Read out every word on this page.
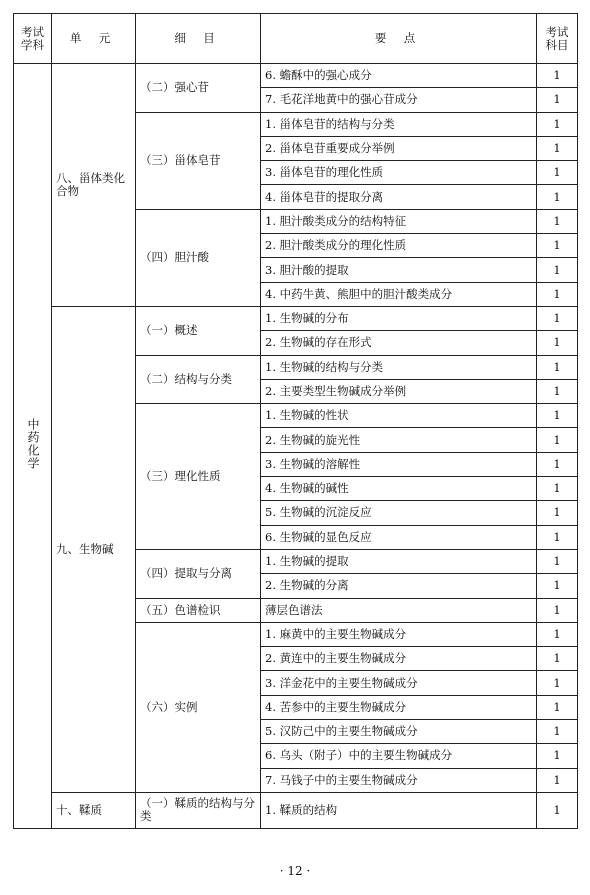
考试学科	单 元	细 目	要 点	考试科目
中药化学	八、甾体类化合物	（二）强心苷	6. 蟾酥中的强心成分	1
			7. 毛花洋地黄中的强心苷成分	1
		（三）甾体皂苷	1. 甾体皂苷的结构与分类	1
			2. 甾体皂苷重要成分举例	1
			3. 甾体皂苷的理化性质	1
			4. 甾体皂苷的提取分离	1
		（四）胆汁酸	1. 胆汁酸类成分的结构特征	1
			2. 胆汁酸类成分的理化性质	1
			3. 胆汁酸的提取	1
			4. 中药牛黄、熊胆中的胆汁酸类成分	1
	九、生物碱	（一）概述	1. 生物碱的分布	1
			2. 生物碱的存在形式	1
		（二）结构与分类	1. 生物碱的结构与分类	1
			2. 主要类型生物碱成分举例	1
		（三）理化性质	1. 生物碱的性状	1
			2. 生物碱的旋光性	1
			3. 生物碱的溶解性	1
			4. 生物碱的碱性	1
			5. 生物碱的沉淀反应	1
			6. 生物碱的显色反应	1
		（四）提取与分离	1. 生物碱的提取	1
			2. 生物碱的分离	1
		（五）色谱检识	薄层色谱法	1
		（六）实例	1. 麻黄中的主要生物碱成分	1
			2. 黄连中的主要生物碱成分	1
			3. 洋金花中的主要生物碱成分	1
			4. 苦参中的主要生物碱成分	1
			5. 汉防己中的主要生物碱成分	1
			6. 乌头（附子）中的主要生物碱成分	1
			7. 马钱子中的主要生物碱成分	1
	十、鞣质	（一）鞣质的结构与分类	1. 鞣质的结构	1
· 12 ·
